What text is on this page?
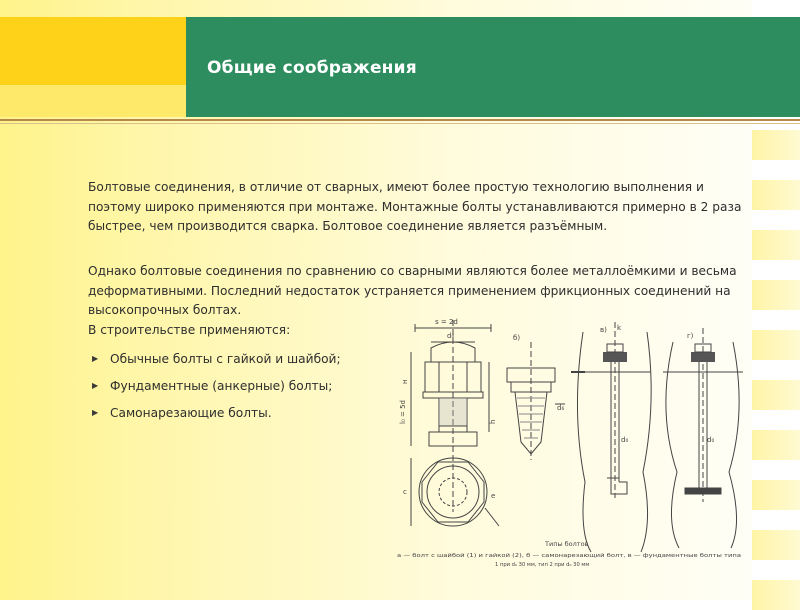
Общие соображения
Болтовые соединения, в отличие от сварных, имеют более простую технологию выполнения и поэтому широко применяются при монтаже. Монтажные болты устанавливаются примерно в 2 раза быстрее, чем производится сварка. Болтовое соединение является разъёмным.
Однако болтовые соединения по сравнению со сварными являются более металлоёмкими и весьма деформативными. Последний недостаток устраняется применением фрикционных соединений на высокопрочных болтах.
В строительстве применяются:
▶ Обычные болты с гайкой и шайбой;
▶ Фундаментные (анкерные) болты;
▶ Самонарезающие болты.
б)
в)
г)
s = 2d
d₀
d₆
d₀	d₀
e
c
Типы болтов
а — болт с шайбой (1) и гайкой (2), б — самонарезающий болт, в — фундаментные болты типа
1 при d₀ 30 мм, тип 2 при d₀ 30 мм
l₀ = 5d	h
н
k
